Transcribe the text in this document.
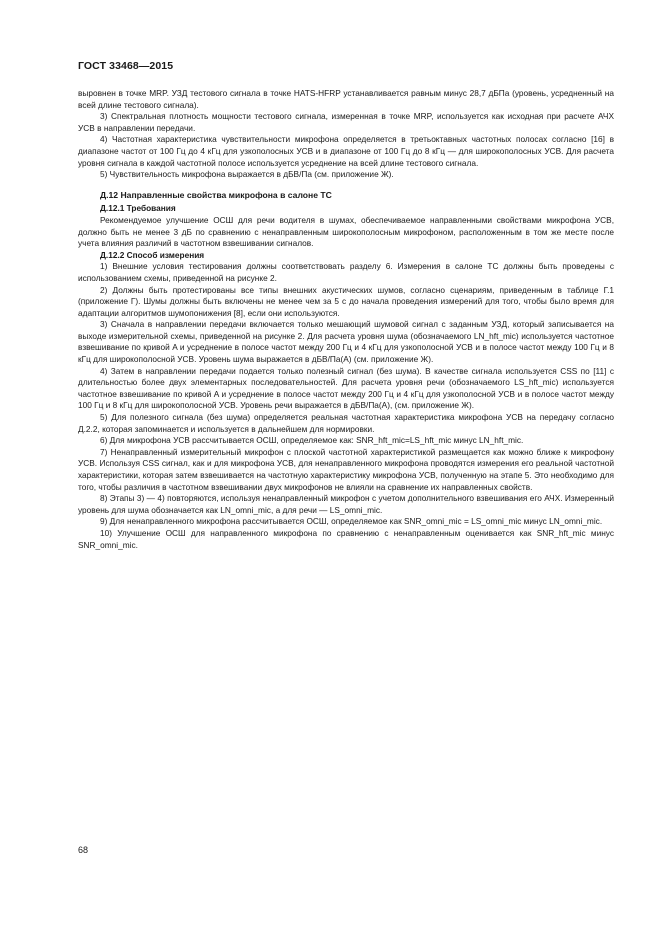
ГОСТ 33468—2015

выровнен в точке MRP. УЗД тестового сигнала в точке HATS-HFRP устанавливается равным минус 28,7 дБПа (уровень, усредненный на всей длине тестового сигнала).

3) Спектральная плотность мощности тестового сигнала, измеренная в точке MRP, используется как исходная при расчете АЧХ УСВ в направлении передачи.

4) Частотная характеристика чувствительности микрофона определяется в третьоктавных частотных полосах согласно [16] в диапазоне частот от 100 Гц до 4 кГц для узкополосных УСВ и в диапазоне от 100 Гц до 8 кГц — для широкополосных УСВ. Для расчета уровня сигнала в каждой частотной полосе используется усреднение на всей длине тестового сигнала.

5) Чувствительность микрофона выражается в дБВ/Па (см. приложение Ж).

Д.12 Направленные свойства микрофона в салоне ТС
Д.12.1 Требования

Рекомендуемое улучшение ОСШ для речи водителя в шумах, обеспечиваемое направленными свойствами микрофона УСВ, должно быть не менее 3 дБ по сравнению с ненаправленным широкополосным микрофоном, расположенным в том же месте после учета влияния различий в частотном взвешивании сигналов.

Д.12.2 Способ измерения

1) Внешние условия тестирования должны соответствовать разделу 6. Измерения в салоне ТС должны быть проведены с использованием схемы, приведенной на рисунке 2.

2) Должны быть протестированы все типы внешних акустических шумов, согласно сценариям, приведенным в таблице Г.1 (приложение Г). Шумы должны быть включены не менее чем за 5 с до начала проведения измерений для того, чтобы было время для адаптации алгоритмов шумопонижения [8], если они используются.

3) Сначала в направлении передачи включается только мешающий шумовой сигнал с заданным УЗД, который записывается на выходе измерительной схемы, приведенной на рисунке 2. Для расчета уровня шума (обозначаемого LN_hft_mic) используется частотное взвешивание по кривой A и усреднение в полосе частот между 200 Гц и 4 кГц для узкополосной УСВ и в полосе частот между 100 Гц и 8 кГц для широкополосной УСВ. Уровень шума выражается в дБВ/Па(A) (см. приложение Ж).

4) Затем в направлении передачи подается только полезный сигнал (без шума). В качестве сигнала используется CSS по [11] с длительностью более двух элементарных последовательностей. Для расчета уровня речи (обозначаемого LS_hft_mic) используется частотное взвешивание по кривой A и усреднение в полосе частот между 200 Гц и 4 кГц для узкополосной УСВ и в полосе частот между 100 Гц и 8 кГц для широкополосной УСВ. Уровень речи выражается в дБВ/Па(A), (см. приложение Ж).

5) Для полезного сигнала (без шума) определяется реальная частотная характеристика микрофона УСВ на передачу согласно Д.2.2, которая запоминается и используется в дальнейшем для нормировки.

6) Для микрофона УСВ рассчитывается ОСШ, определяемое как: SNR_hft_mic=LS_hft_mic минус LN_hft_mic.

7) Ненаправленный измерительный микрофон с плоской частотной характеристикой размещается как можно ближе к микрофону УСВ. Используя CSS сигнал, как и для микрофона УСВ, для ненаправленного микрофона проводятся измерения его реальной частотной характеристики, которая затем взвешивается на частотную характеристику микрофона УСВ, полученную на этапе 5. Это необходимо для того, чтобы различия в частотном взвешивании двух микрофонов не влияли на сравнение их направленных свойств.

8) Этапы 3) — 4) повторяются, используя ненаправленный микрофон с учетом дополнительного взвешивания его АЧХ. Измеренный уровень для шума обозначается как LN_omni_mic, а для речи — LS_omni_mic.

9) Для ненаправленного микрофона рассчитывается ОСШ, определяемое как SNR_omni_mic = LS_omni_mic минус LN_omni_mic.

10) Улучшение ОСШ для направленного микрофона по сравнению с ненаправленным оценивается как SNR_hft_mic минус SNR_omni_mic.

68
